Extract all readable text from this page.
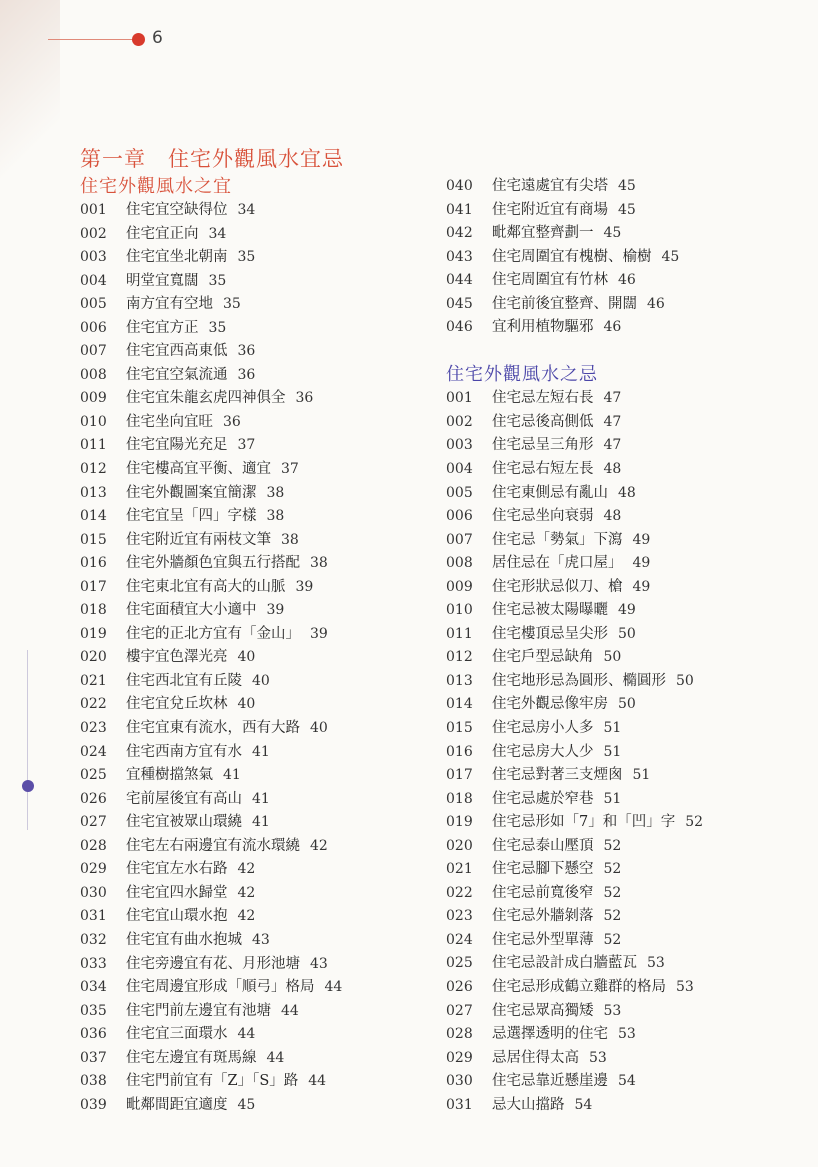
6
第一章　住宅外觀風水宜忌
住宅外觀風水之宜
001 住宅宜空缺得位 34
002 住宅宜正向 34
003 住宅宜坐北朝南 35
004 明堂宜寬闊 35
005 南方宜有空地 35
006 住宅宜方正 35
007 住宅宜西高東低 36
008 住宅宜空氣流通 36
009 住宅宜朱龍玄虎四神俱全 36
010 住宅坐向宜旺 36
011 住宅宜陽光充足 37
012 住宅樓高宜平衡、適宜 37
013 住宅外觀圖案宜簡潔 38
014 住宅宜呈「四」字樣 38
015 住宅附近宜有兩枝文筆 38
016 住宅外牆顏色宜與五行搭配 38
017 住宅東北宜有高大的山脈 39
018 住宅面積宜大小適中 39
019 住宅的正北方宜有「金山」 39
020 樓宇宜色澤光亮 40
021 住宅西北宜有丘陵 40
022 住宅宜兌丘坎林 40
023 住宅宜東有流水，西有大路 40
024 住宅西南方宜有水 41
025 宜種樹擋煞氣 41
026 宅前屋後宜有高山 41
027 住宅宜被眾山環繞 41
028 住宅左右兩邊宜有流水環繞 42
029 住宅宜左水右路 42
030 住宅宜四水歸堂 42
031 住宅宜山環水抱 42
032 住宅宜有曲水抱城 43
033 住宅旁邊宜有花、月形池塘 43
034 住宅周邊宜形成「順弓」格局 44
035 住宅門前左邊宜有池塘 44
036 住宅宜三面環水 44
037 住宅左邊宜有斑馬線 44
038 住宅門前宜有「Z」「S」路 44
039 毗鄰間距宜適度 45
040 住宅遠處宜有尖塔 45
041 住宅附近宜有商場 45
042 毗鄰宜整齊劃一 45
043 住宅周圍宜有槐樹、榆樹 45
044 住宅周圍宜有竹林 46
045 住宅前後宜整齊、開闊 46
046 宜利用植物驅邪 46
住宅外觀風水之忌
001 住宅忌左短右長 47
002 住宅忌後高側低 47
003 住宅忌呈三角形 47
004 住宅忌右短左長 48
005 住宅東側忌有亂山 48
006 住宅忌坐向衰弱 48
007 住宅忌「勢氣」下瀉 49
008 居住忌在「虎口屋」 49
009 住宅形狀忌似刀、槍 49
010 住宅忌被太陽曝曬 49
011 住宅樓頂忌呈尖形 50
012 住宅戶型忌缺角 50
013 住宅地形忌為圓形、橢圓形 50
014 住宅外觀忌像牢房 50
015 住宅忌房小人多 51
016 住宅忌房大人少 51
017 住宅忌對著三支煙囪 51
018 住宅忌處於窄巷 51
019 住宅忌形如「7」和「凹」字 52
020 住宅忌泰山壓頂 52
021 住宅忌腳下懸空 52
022 住宅忌前寬後窄 52
023 住宅忌外牆剝落 52
024 住宅忌外型單薄 52
025 住宅忌設計成白牆藍瓦 53
026 住宅忌形成鶴立雞群的格局 53
027 住宅忌眾高獨矮 53
028 忌選擇透明的住宅 53
029 忌居住得太高 53
030 住宅忌靠近懸崖邊 54
031 忌大山擋路 54
